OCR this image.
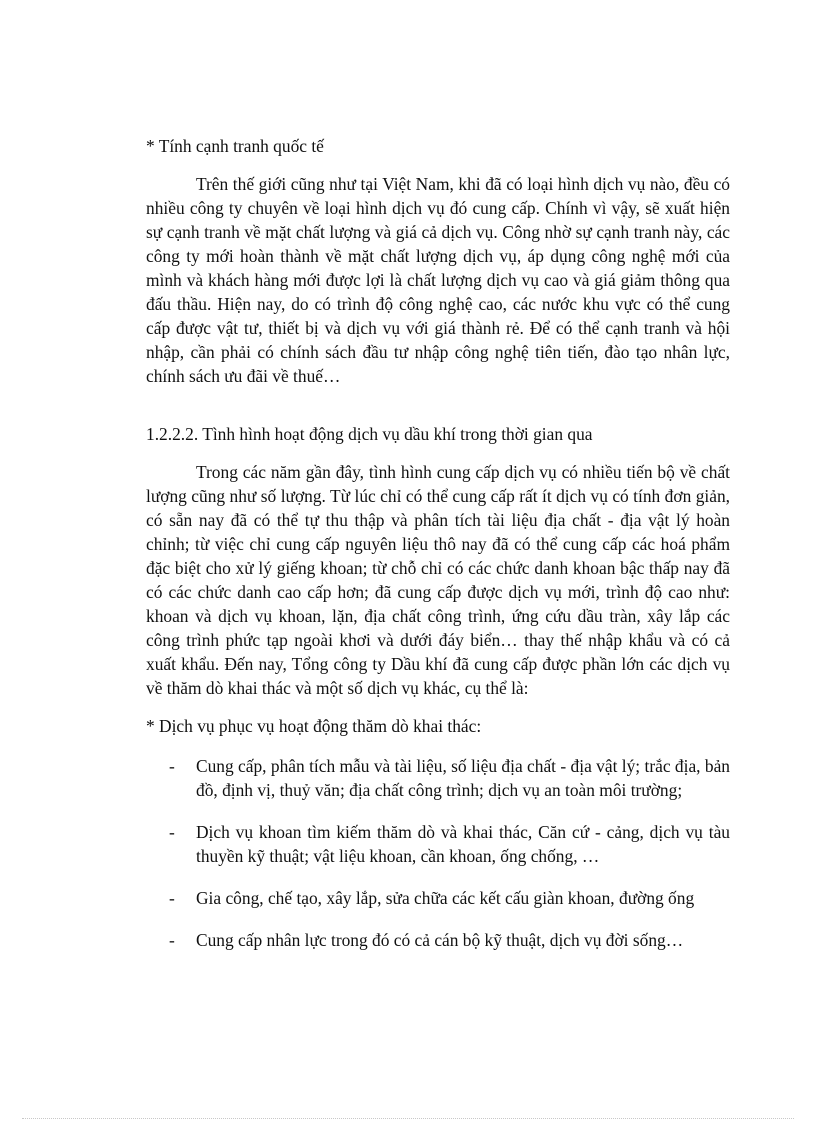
* Tính cạnh tranh quốc tế

Trên thế giới cũng như tại Việt Nam, khi đã có loại hình dịch vụ nào, đều có nhiều công ty chuyên về loại hình dịch vụ đó cung cấp. Chính vì vậy, sẽ xuất hiện sự cạnh tranh về mặt chất lượng và giá cả dịch vụ. Công nhờ sự cạnh tranh này, các công ty mới hoàn thành về mặt chất lượng dịch vụ, áp dụng công nghệ mới của mình và khách hàng mới được lợi là chất lượng dịch vụ cao và giá giảm thông qua đấu thầu. Hiện nay, do có trình độ công nghệ cao, các nước khu vực có thể cung cấp được vật tư, thiết bị và dịch vụ với giá thành rẻ. Để có thể cạnh tranh và hội nhập, cần phải có chính sách đầu tư nhập công nghệ tiên tiến, đào tạo nhân lực, chính sách ưu đãi về thuế…

1.2.2.2. Tình hình hoạt động dịch vụ dầu khí trong thời gian qua

Trong các năm gần đây, tình hình cung cấp dịch vụ có nhiều tiến bộ về chất lượng cũng như số lượng. Từ lúc chỉ có thể cung cấp rất ít dịch vụ có tính đơn giản, có sẵn nay đã có thể tự thu thập và phân tích tài liệu địa chất - địa vật lý hoàn chỉnh; từ việc chỉ cung cấp nguyên liệu thô nay đã có thể cung cấp các hoá phẩm đặc biệt cho xử lý giếng khoan; từ chỗ chỉ có các chức danh khoan bậc thấp nay đã có các chức danh cao cấp hơn; đã cung cấp được dịch vụ mới, trình độ cao như: khoan và dịch vụ khoan, lặn, địa chất công trình, ứng cứu dầu tràn, xây lắp các công trình phức tạp ngoài khơi và dưới đáy biển… thay thế nhập khẩu và có cả xuất khẩu. Đến nay, Tổng công ty Dầu khí đã cung cấp được phần lớn các dịch vụ về thăm dò khai thác và một số dịch vụ khác, cụ thể là:

* Dịch vụ phục vụ hoạt động thăm dò khai thác:

- Cung cấp, phân tích mẫu và tài liệu, số liệu địa chất - địa vật lý; trắc địa, bản đồ, định vị, thuỷ văn; địa chất công trình; dịch vụ an toàn môi trường;
- Dịch vụ khoan tìm kiếm thăm dò và khai thác, Căn cứ - cảng, dịch vụ tàu thuyền kỹ thuật; vật liệu khoan, cần khoan, ống chống, …
- Gia công, chế tạo, xây lắp, sửa chữa các kết cấu giàn khoan, đường ống
- Cung cấp nhân lực trong đó có cả cán bộ kỹ thuật, dịch vụ đời sống…
